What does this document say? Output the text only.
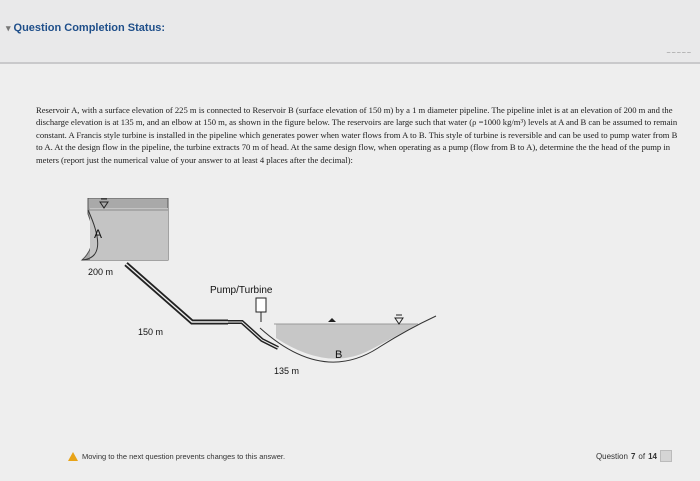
▾ Question Completion Status:
~~~~~
Reservoir A, with a surface elevation of 225 m is connected to Reservoir B (surface elevation of 150 m) by a 1 m diameter pipeline. The pipeline inlet is at an elevation of 200 m and the discharge elevation is at 135 m, and an elbow at 150 m, as shown in the figure below. The reservoirs are large such that water (ρ =1000 kg/m³) levels at A and B can be assumed to remain constant. A Francis style turbine is installed in the pipeline which generates power when water flows from A to B. This style of turbine is reversible and can be used to pump water from B to A. At the design flow in the pipeline, the turbine extracts 70 m of head. At the same design flow, when operating as a pump (flow from B to A), determine the the head of the pump in meters (report just the numerical value of your answer to at least 4 places after the decimal):
A
200 m
150 m
Pump/Turbine
135 m
B
Moving to the next question prevents changes to this answer.	Question 7 of 14
